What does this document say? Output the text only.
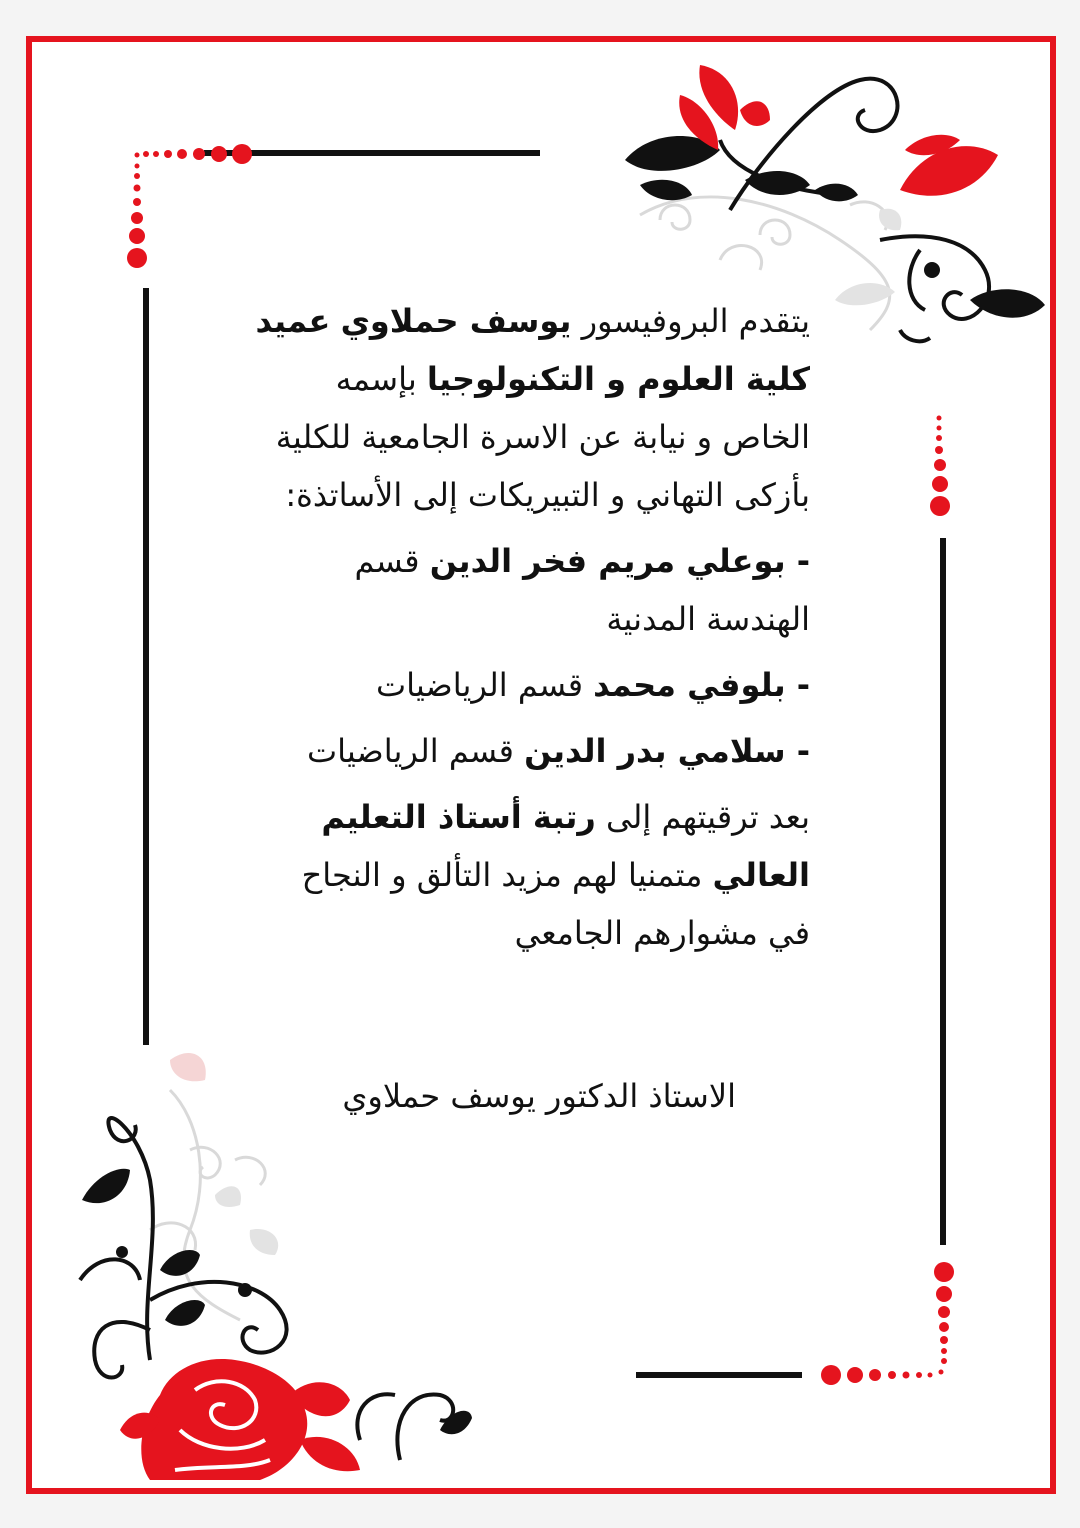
يتقدم البروفيسور يوسف حملاوي عميد كلية العلوم و التكنولوجيا بإسمه الخاص و نيابة عن الاسرة الجامعية للكلية بأزكى التهاني و التبيريكات إلى الأساتذة:

- بوعلي مريم فخر الدين قسم الهندسة المدنية

- بلوفي محمد قسم الرياضيات

- سلامي بدر الدين قسم الرياضيات

بعد ترقيتهم إلى رتبة أستاذ التعليم العالي متمنيا لهم مزيد التألق و النجاح في مشوارهم الجامعي

الاستاذ الدكتور يوسف حملاوي
